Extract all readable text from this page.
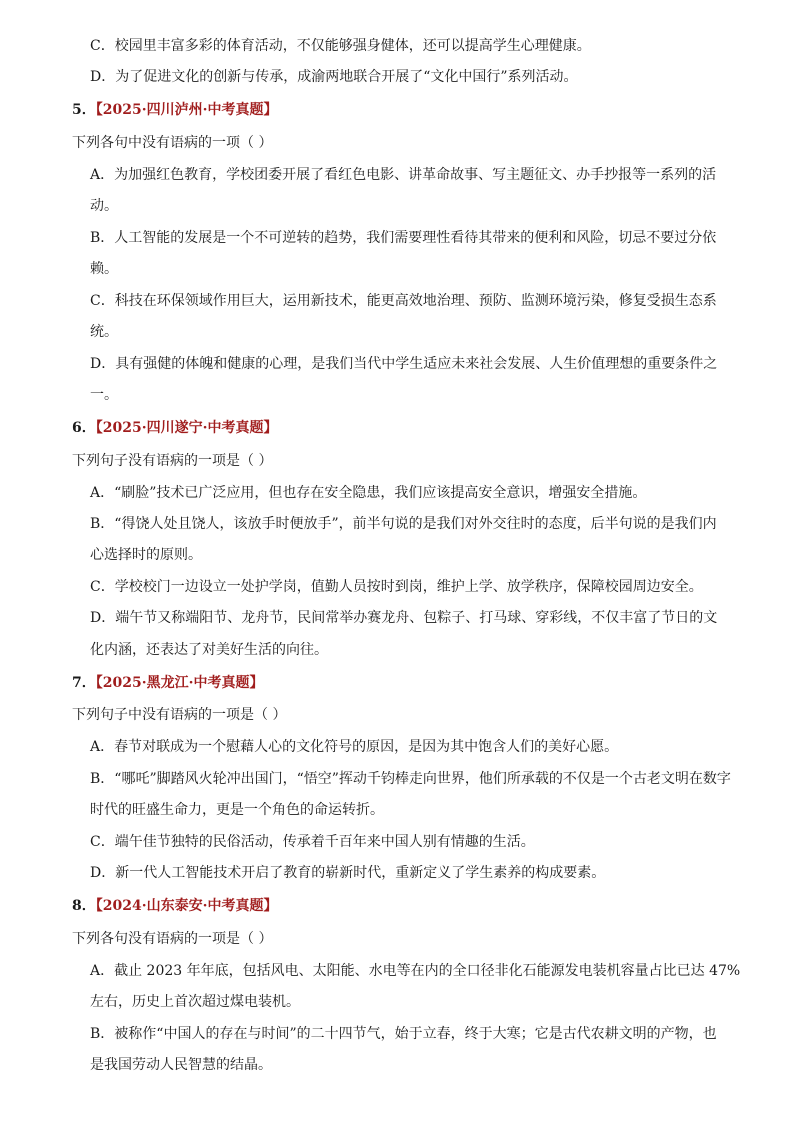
C．校园里丰富多彩的体育活动，不仅能够强身健体，还可以提高学生心理健康。
D．为了促进文化的创新与传承，成渝两地联合开展了“文化中国行”系列活动。
5．【2025·四川泸州·中考真题】
下列各句中没有语病的一项（ ）
A．为加强红色教育，学校团委开展了看红色电影、讲革命故事、写主题征文、办手抄报等一系列的活
动。
B．人工智能的发展是一个不可逆转的趋势，我们需要理性看待其带来的便利和风险，切忌不要过分依
赖。
C．科技在环保领域作用巨大，运用新技术，能更高效地治理、预防、监测环境污染，修复受损生态系
统。
D．具有强健的体魄和健康的心理，是我们当代中学生适应未来社会发展、人生价值理想的重要条件之
一。
6．【2025·四川遂宁·中考真题】
下列句子没有语病的一项是（ ）
A．“刷脸”技术已广泛应用，但也存在安全隐患，我们应该提高安全意识，增强安全措施。
B．“得饶人处且饶人，该放手时便放手”，前半句说的是我们对外交往时的态度，后半句说的是我们内
心选择时的原则。
C．学校校门一边设立一处护学岗，值勤人员按时到岗，维护上学、放学秩序，保障校园周边安全。
D．端午节又称端阳节、龙舟节，民间常举办赛龙舟、包粽子、打马球、穿彩线，不仅丰富了节日的文
化内涵，还表达了对美好生活的向往。
7．【2025·黑龙江·中考真题】
下列句子中没有语病的一项是（ ）
A．春节对联成为一个慰藉人心的文化符号的原因，是因为其中饱含人们的美好心愿。
B．“哪吒”脚踏风火轮冲出国门，“悟空”挥动千钧棒走向世界，他们所承载的不仅是一个古老文明在数字
时代的旺盛生命力，更是一个角色的命运转折。
C．端午佳节独特的民俗活动，传承着千百年来中国人别有情趣的生活。
D．新一代人工智能技术开启了教育的崭新时代，重新定义了学生素养的构成要素。
8．【2024·山东泰安·中考真题】
下列各句没有语病的一项是（ ）
A．截止 2023 年年底，包括风电、太阳能、水电等在内的全口径非化石能源发电装机容量占比已达 47%
左右，历史上首次超过煤电装机。
B．被称作“中国人的存在与时间”的二十四节气，始于立春，终于大寒；它是古代农耕文明的产物，也
是我国劳动人民智慧的结晶。
